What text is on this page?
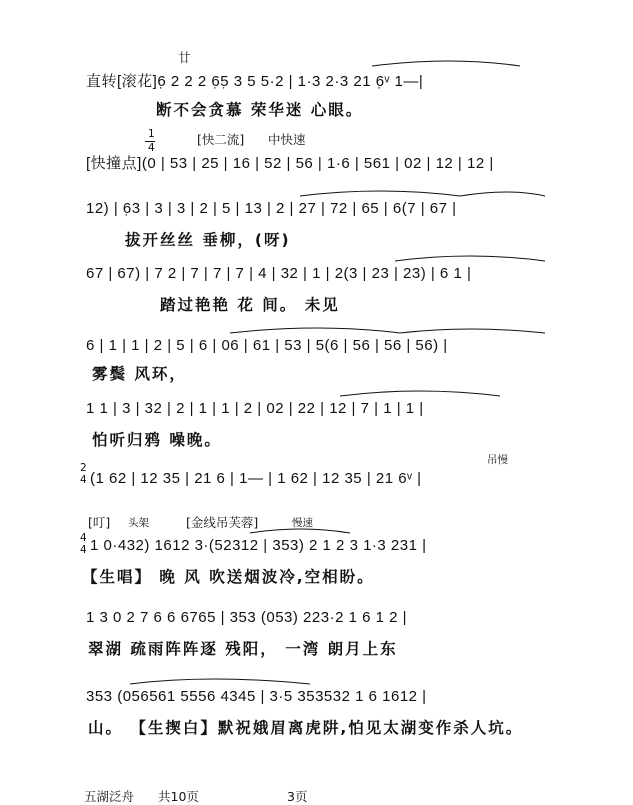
廿
1
4
[快二流] 中快速
2
4
吊慢
[叮] 头架	[金线吊芙蓉]	慢速
4
4
直转[滚花]6̣ 2 2 2 6̣5̣ 3 5 5·2 | 1·3 2·3 21 6̣ᵛ 1—|
断不会贪慕 荣华迷 心眼。
[快撞点](0 | 53 | 25 | 16 | 52 | 56 | 1·6 | 561 | 02 | 12 | 12 |
12) | 6̣3 | 3 | 3 | 2 | 5 | 13 | 2 | 27 | 72 | 65 | 6(7 | 67 |
拔开丝丝 垂柳，(呀)
67 | 67) | 7 2 | 7 | 7 | 7 | 4 | 32 | 1 | 2(3 | 23 | 23) | 6 1 |
踏过艳艳 花 间。 未见
6 | 1 | 1 | 2 | 5 | 6 | 06 | 61 | 53 | 5(6 | 56 | 56 | 56) |
雾鬓 风环，
1 1 | 3 | 32 | 2 | 1 | 1 | 2 | 02 | 22 | 12 | 7 | 1 | 1 |
怕听归鸦 噪晚。
(1 62 | 12 35 | 21 6 | 1— | 1 62 | 12 35 | 21 6ᵛ |
1 0·432) 1612 3·(52312 | 353) 2 1 2 3 1·3 231 |
【生唱】 晚 风 吹送烟波冷,空相盼。
1 3 0 2 7 6 6 6765 | 353 (053) 223·2 1 6 1 2 |
翠湖 疏雨阵阵逐 残阳， 一湾 朗月上东
353 (056561 5556 4345 | 3·5 353532 1 6 1612 |
山。 【生揳白】默祝娥眉离虎阱,怕见太湖变作杀人坑。
五湖泛舟 共10页	3页
